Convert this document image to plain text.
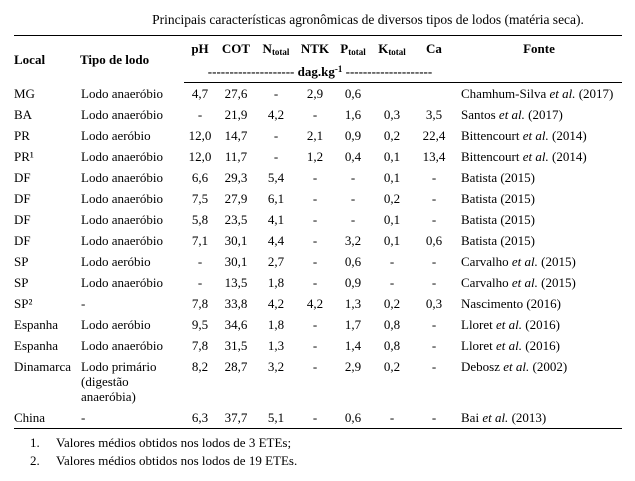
Principais características agronômicas de diversos tipos de lodos (matéria seca).
Local	Tipo de lodo	pH	COT	$N_{total}$	NTK	$P_{total}$	$K_{total}$	Ca	Fonte
		-------------------- $dag.kg^{-1}$ --------------------							
MG	Lodo anaeróbio	4,7	27,6	-	2,9	0,6			Chamhum-Silva et al. (2017)
BA	Lodo anaeróbio	-	21,9	4,2	-	1,6	0,3	3,5	Santos et al. (2017)
PR	Lodo aeróbio	12,0	14,7	-	2,1	0,9	0,2	22,4	Bittencourt et al. (2014)
PR¹	Lodo anaeróbio	12,0	11,7	-	1,2	0,4	0,1	13,4	Bittencourt et al. (2014)
DF	Lodo anaeróbio	6,6	29,3	5,4	-	-	0,1	-	Batista (2015)
DF	Lodo anaeróbio	7,5	27,9	6,1	-	-	0,2	-	Batista (2015)
DF	Lodo anaeróbio	5,8	23,5	4,1	-	-	0,1	-	Batista (2015)
DF	Lodo anaeróbio	7,1	30,1	4,4	-	3,2	0,1	0,6	Batista (2015)
SP	Lodo aeróbio	-	30,1	2,7	-	0,6	-	-	Carvalho et al. (2015)
SP	Lodo anaeróbio	-	13,5	1,8	-	0,9	-	-	Carvalho et al. (2015)
SP²	-	7,8	33,8	4,2	4,2	1,3	0,2	0,3	Nascimento (2016)
Espanha	Lodo aeróbio	9,5	34,6	1,8	-	1,7	0,8	-	Lloret et al. (2016)
Espanha	Lodo anaeróbio	7,8	31,5	1,3	-	1,4	0,8	-	Lloret et al. (2016)
Dinamarca	Lodo primário (digestão anaeróbia)	8,2	28,7	3,2	-	2,9	0,2	-	Debosz et al. (2002)
China	-	6,3	37,7	5,1	-	0,6	-	-	Bai et al. (2013)
1.	Valores médios obtidos nos lodos de 3 ETEs;
2.	Valores médios obtidos nos lodos de 19 ETEs.
